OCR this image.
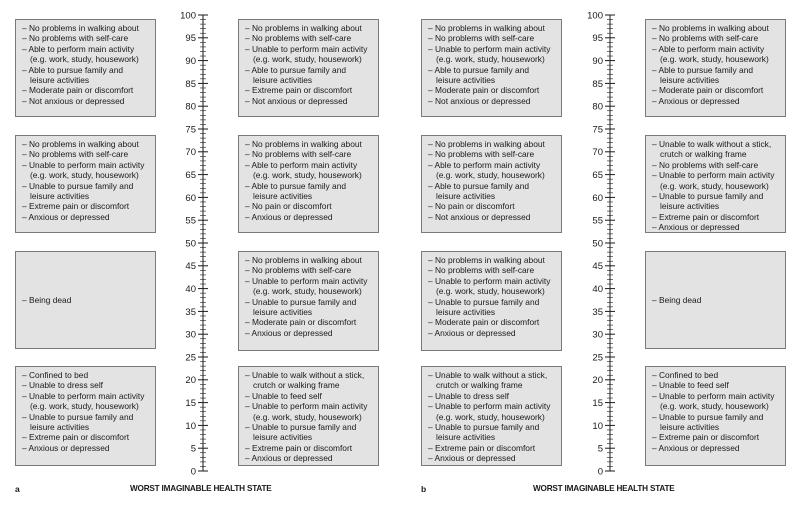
– No problems in walking about
– No problems with self-care
– Able to perform main activity
(e.g. work, study, housework)
– Able to pursue family and
leisure activities
– Moderate pain or discomfort
– Not anxious or depressed
– No problems in walking about
– No problems with self-care
– Unable to perform main activity
(e.g. work, study, housework)
– Unable to pursue family and
leisure activities
– Extreme pain or discomfort
– Anxious or depressed
– Being dead
– Confined to bed
– Unable to dress self
– Unable to perform main activity
(e.g. work, study, housework)
– Unable to pursue family and
leisure activities
– Extreme pain or discomfort
– Anxious or depressed
100
95
90
85
80
75
70
65
60
55
50
45
40
35
30
25
20
15
10
5
0
– No problems in walking about
– No problems with self-care
– Unable to perform main activity
(e.g. work, study, housework)
– Able to pursue family and
leisure activities
– Extreme pain or discomfort
– Not anxious or depressed
– No problems in walking about
– No problems with self-care
– Able to perform main activity
(e.g. work, study, housework)
– Able to pursue family and
leisure activities
– No pain or discomfort
– Anxious or depressed
– No problems in walking about
– No problems with self-care
– Unable to perform main activity
(e.g. work, study, housework)
– Unable to pursue family and
leisure activities
– Moderate pain or discomfort
– Anxious or depressed
– Unable to walk without a stick,
crutch or walking frame
– Unable to feed self
– Unable to perform main activity
(e.g. work, study, housework)
– Unable to pursue family and
leisure activities
– Extreme pain or discomfort
– Anxious or depressed
a	WORST IMAGINABLE HEALTH STATE
– No problems in walking about
– No problems with self-care
– Unable to perform main activity
(e.g. work, study, housework)
– Able to pursue family and
leisure activities
– Moderate pain or discomfort
– Not anxious or depressed
– No problems in walking about
– No problems with self-care
– Able to perform main activity
(e.g. work, study, housework)
– Able to pursue family and
leisure activities
– No pain or discomfort
– Not anxious or depressed
– No problems in walking about
– No problems with self-care
– Unable to perform main activity
(e.g. work, study, housework)
– Unable to pursue family and
leisure activities
– Moderate pain or discomfort
– Anxious or depressed
– Unable to walk without a stick,
crutch or walking frame
– Unable to dress self
– Unable to perform main activity
(e.g. work, study, housework)
– Unable to pursue family and
leisure activities
– Extreme pain or discomfort
– Anxious or depressed
100
95
90
85
80
75
70
65
60
55
50
45
40
35
30
25
20
15
10
5
0
– No problems in walking about
– No problems with self-care
– Able to perform main activity
(e.g. work, study, housework)
– Able to pursue family and
leisure activities
– Moderate pain or discomfort
– Anxious or depressed
– Unable to walk without a stick,
crutch or walking frame
– No problems with self-care
– Unable to perform main activity
(e.g. work, study, housework)
– Unable to pursue family and
leisure activities
– Extreme pain or discomfort
– Anxious or depressed
– Being dead
– Confined to bed
– Unable to feed self
– Unable to perform main activity
(e.g. work, study, housework)
– Unable to pursue family and
leisure activities
– Extreme pain or discomfort
– Anxious or depressed
b	WORST IMAGINABLE HEALTH STATE
